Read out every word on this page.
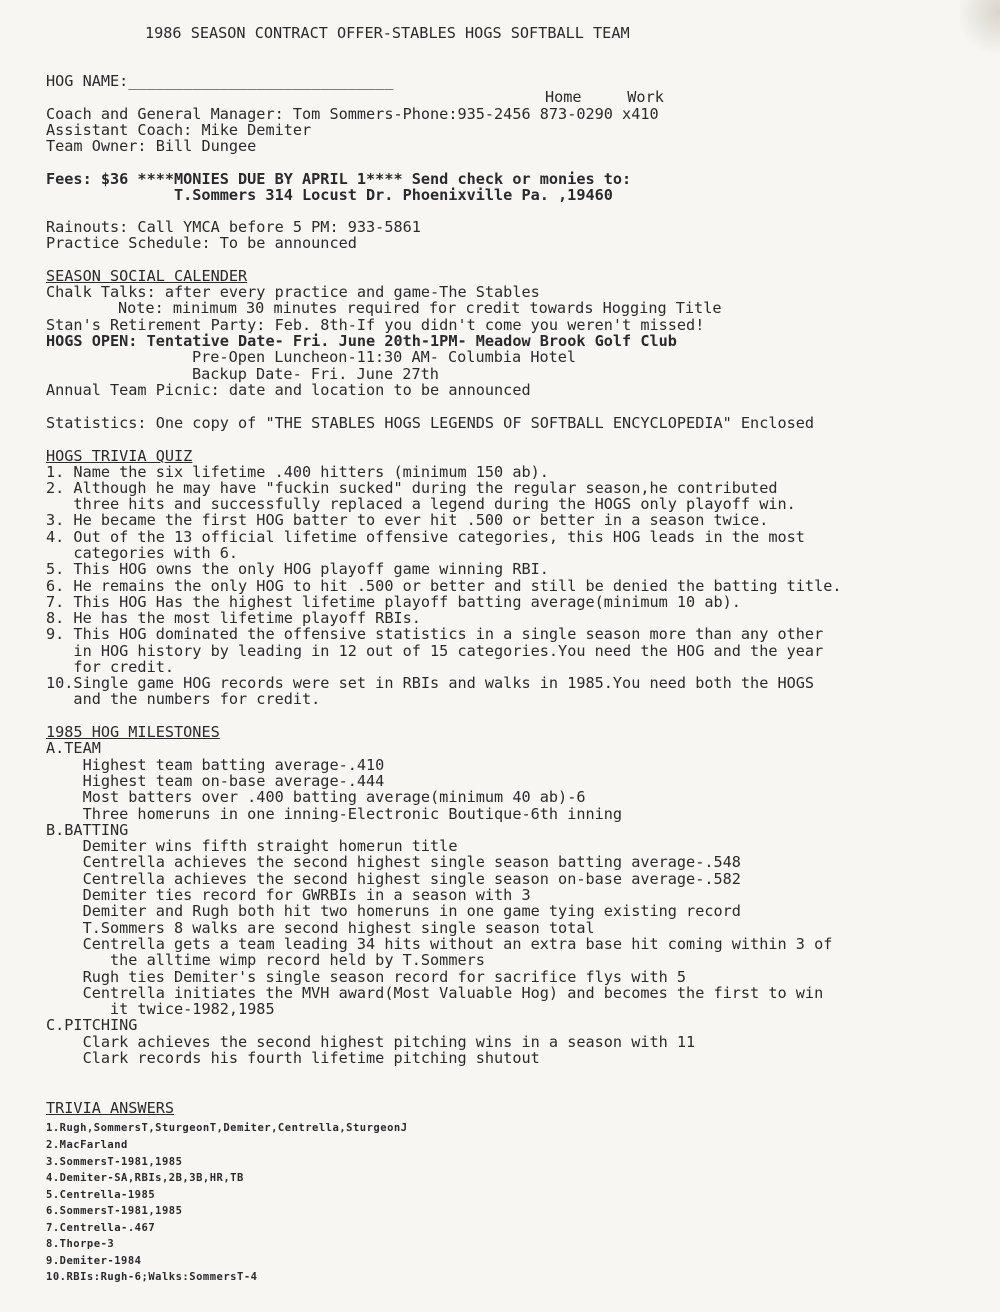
1986 SEASON CONTRACT OFFER-STABLES HOGS SOFTBALL TEAM
HOG NAME:_____________________________
Home     Work
Coach and General Manager: Tom Sommers-Phone:935-2456 873-0290 x410
Assistant Coach: Mike Demiter
Team Owner: Bill Dungee
Fees: $36 ****MONIES DUE BY APRIL 1**** Send check or monies to:
T.Sommers 314 Locust Dr. Phoenixville Pa. ,19460
Rainouts: Call YMCA before 5 PM: 933-5861
Practice Schedule: To be announced
SEASON SOCIAL CALENDER
Chalk Talks: after every practice and game-The Stables
Note: minimum 30 minutes required for credit towards Hogging Title
Stan's Retirement Party: Feb. 8th-If you didn't come you weren't missed!
HOGS OPEN: Tentative Date- Fri. June 20th-1PM- Meadow Brook Golf Club
Pre-Open Luncheon-11:30 AM- Columbia Hotel
Backup Date- Fri. June 27th
Annual Team Picnic: date and location to be announced
Statistics: One copy of "THE STABLES HOGS LEGENDS OF SOFTBALL ENCYCLOPEDIA" Enclosed
HOGS TRIVIA QUIZ
1. Name the six lifetime .400 hitters (minimum 150 ab).
2. Although he may have "fuckin sucked" during the regular season,he contributed
three hits and successfully replaced a legend during the HOGS only playoff win.
3. He became the first HOG batter to ever hit .500 or better in a season twice.
4. Out of the 13 official lifetime offensive categories, this HOG leads in the most
categories with 6.
5. This HOG owns the only HOG playoff game winning RBI.
6. He remains the only HOG to hit .500 or better and still be denied the batting title.
7. This HOG Has the highest lifetime playoff batting average(minimum 10 ab).
8. He has the most lifetime playoff RBIs.
9. This HOG dominated the offensive statistics in a single season more than any other
in HOG history by leading in 12 out of 15 categories.You need the HOG and the year
for credit.
10.Single game HOG records were set in RBIs and walks in 1985.You need both the HOGS
and the numbers for credit.
1985 HOG MILESTONES
A.TEAM
Highest team batting average-.410
Highest team on-base average-.444
Most batters over .400 batting average(minimum 40 ab)-6
Three homeruns in one inning-Electronic Boutique-6th inning
B.BATTING
Demiter wins fifth straight homerun title
Centrella achieves the second highest single season batting average-.548
Centrella achieves the second highest single season on-base average-.582
Demiter ties record for GWRBIs in a season with 3
Demiter and Rugh both hit two homeruns in one game tying existing record
T.Sommers 8 walks are second highest single season total
Centrella gets a team leading 34 hits without an extra base hit coming within 3 of
the alltime wimp record held by T.Sommers
Rugh ties Demiter's single season record for sacrifice flys with 5
Centrella initiates the MVH award(Most Valuable Hog) and becomes the first to win
it twice-1982,1985
C.PITCHING
Clark achieves the second highest pitching wins in a season with 11
Clark records his fourth lifetime pitching shutout
TRIVIA ANSWERS
1.Rugh,SommersT,SturgeonT,Demiter,Centrella,SturgeonJ
2.MacFarland
3.SommersT-1981,1985
4.Demiter-SA,RBIs,2B,3B,HR,TB
5.Centrella-1985
6.SommersT-1981,1985
7.Centrella-.467
8.Thorpe-3
9.Demiter-1984
10.RBIs:Rugh-6;Walks:SommersT-4
